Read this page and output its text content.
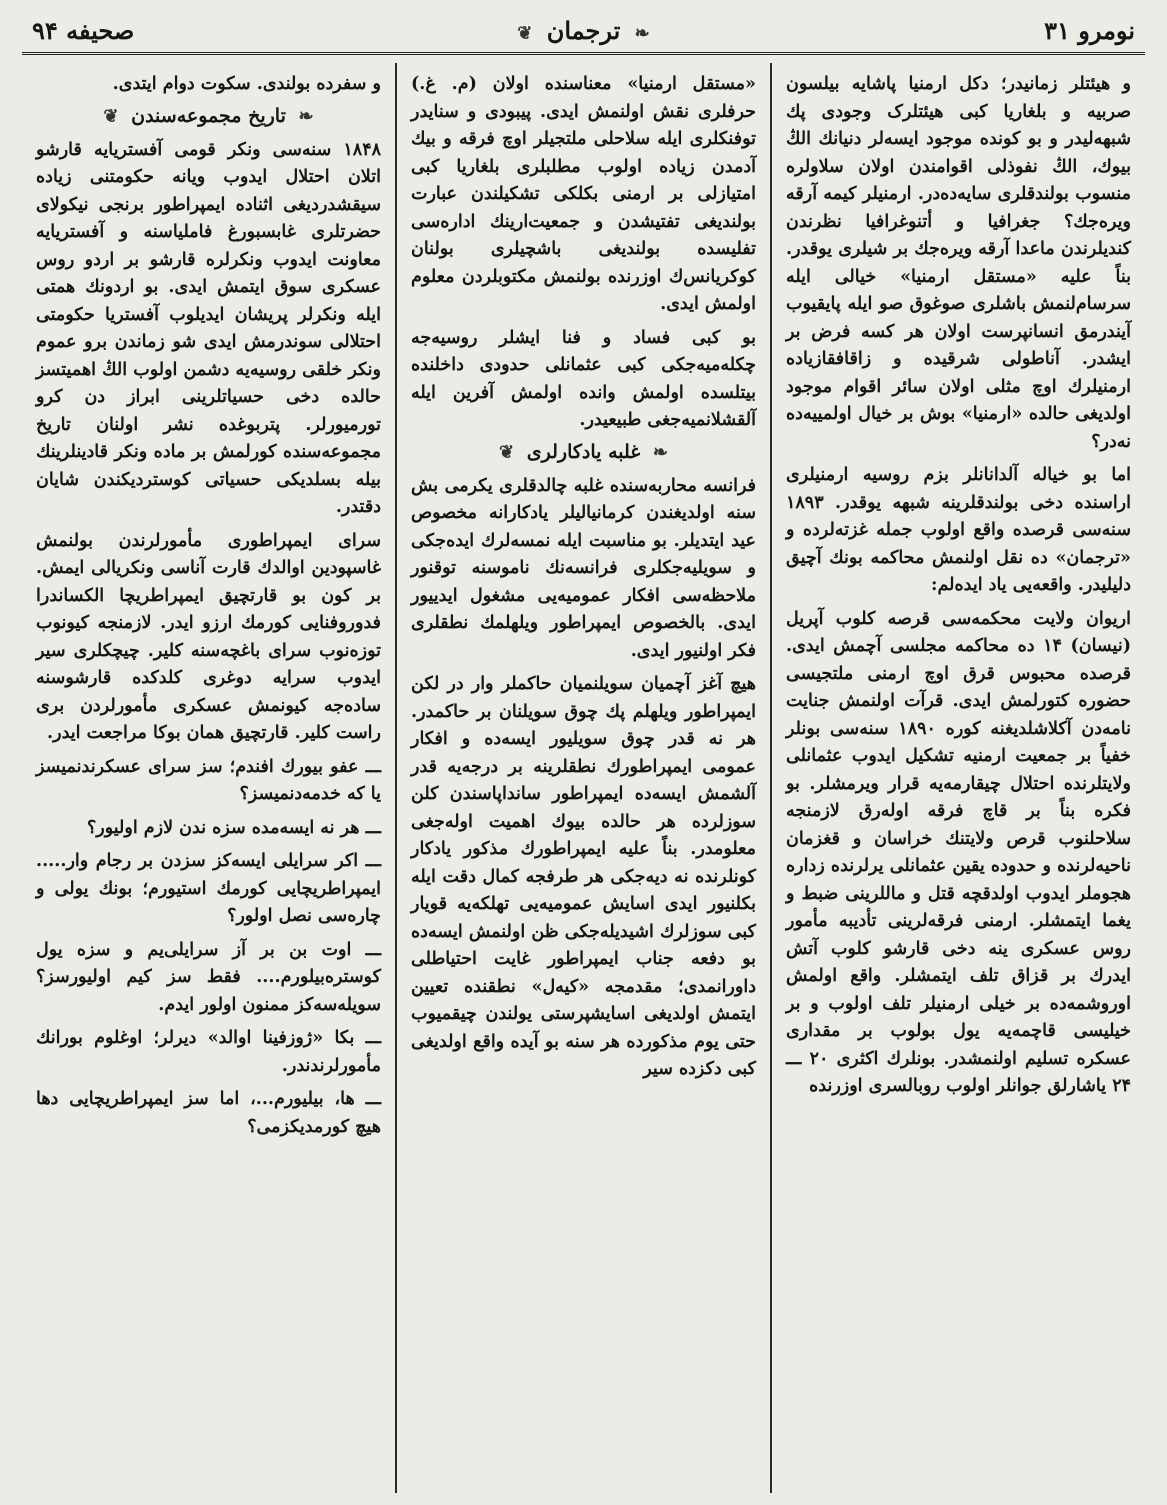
نومرو ۳۱
❧ ترجمان ❦
صحیفه ۹۴

و هیئتلر زمانیدر؛ دکل ارمنیا پاشایه بیلسون صربیه و بلغاریا کبی هیئتلرک وجودی پك شبهه‌لیدر و بو کونده موجود ایسه‌لر دنیانك الڭ بیوك، الڭ نفوذلی اقوامندن اولان سلاولره منسوب بولندقلری سایه‌ده‌در. ارمنیلر کیمه آرقه ویره‌جك؟ جغرافیا و أتنوغرافیا نظرندن کندیلرندن ماعدا آرقه ویرەجك بر شیلری یوقدر. بناً علیه «مستقل ارمنیا» خیالی ایله سرسام‌لنمش باشلری صوغوق صو ایله پایقیوب آیندرمق انسانپرست اولان هر کسه فرض بر ایشدر. آناطولی شرقیده و زاقافقازیاده ارمنیلرك اوچ مثلی اولان سائر اقوام موجود اولدیغی حالده «ارمنیا» بوش بر خیال اولمییه‌ده نه‌در؟

اما بو خیاله آلدانانلر بزم روسیه ارمنیلری اراسنده دخی بولندقلرینه شبهه یوقدر. ۱۸۹۳ سنه‌سی قرصده واقع اولوب جمله غزته‌لرده و «ترجمان» ده نقل اولنمش محاکمه بونك آچیق دلیلیدر. واقعه‌یی یاد ایده‌لم:

اریوان ولایت محکمه‌سی قرصه کلوب آپریل (نیسان) ۱۴ ده محاکمه مجلسی آچمش ایدی. قرصده محبوس قرق اوچ ارمنی ملتجیسی حضوره کتورلمش ایدی. قرآت اولنمش جنایت نامه‌دن آکلاشلدیغنه کوره ۱۸۹۰ سنه‌سی بونلر خفیاً بر جمعیت ارمنیه تشکیل ایدوب عثمانلی ولایتلرنده احتلال چیقارمه‌یه قرار ویرمشلر. بو فکره بناً بر قاچ فرقه اوله‌رق لازمنجه سلاحلنوب قرص ولایتنك خراسان و قغزمان ناحیه‌لرنده و حدوده یقین عثمانلی یرلرنده زداره هجوملر ایدوب اولدقچه قتل و ماللرینی ضبط و یغما ایتمشلر. ارمنی فرقه‌لرینی تأدیبه مأمور روس عسکری ینه دخی قارشو کلوب آتش ایدرك بر قزاق تلف ایتمشلر. واقع اولمش اوروشمه‌ده بر خیلی ارمنیلر تلف اولوب و بر خیلیسی قاچمه‌یه یول بولوب بر مقداری عسکره تسلیم اولنمشدر. بونلرك اکثری ۲۰ ـــ ۲۴ یاشارلق جوانلر اولوب روبالسری اوزرنده

«مستقل ارمنیا» معناسنده اولان (م. غ.) حرفلری نقش اولنمش ایدی. پیبودی و سنایدر توفنکلری ایله سلاحلی ملتجیلر اوچ فرقه و بیك آدمدن زیاده اولوب مطلبلری بلغاریا کبی امتیازلی بر ارمنی بکلکی تشکیلندن عبارت بولندیغی تفتیشدن و جمعیت‌ارینك اداره‌سی تفلیسده بولندیغی باشچیلری بولنان کوکریانس‌ك اوزرنده بولنمش مکتوبلردن معلوم اولمش ایدی.

بو کبی فساد و فنا ایشلر روسیه‌جه چکله‌میه‌جکی کبی عثمانلی حدودی داخلنده بیتلسده اولمش وانده اولمش آفرین ایله آلقشلانمیه‌جغی طبیعیدر.

❧ غلبه یادکارلری ❦

فرانسه محاربه‌سنده غلبه چالدقلری یکرمی بش سنه اولدیغندن کرمانیالیلر یادکارانه مخصوص عید ایتدیلر. بو مناسبت ایله نمسه‌لرك ایده‌جکی و سویلیه‌جکلری فرانسه‌نك ناموسنه توقنور ملاحظه‌سی افکار عمومیه‌یی مشغول ایدییور ایدی. بالخصوص ایمپراطور ویلهلمك نطقلری فکر اولنیور ایدی.

هیچ آغز آچمیان سویلنمیان حاکملر وار در لکن ایمپراطور ویلهلم پك چوق سویلنان بر حاکمدر. هر نه قدر چوق سویلیور ایسه‌ده و افکار عمومی ایمپراطورك نطقلرینه بر درجه‌یه قدر آلشمش ایسه‌ده ایمپراطور سانداپاسندن کلن سوزلرده هر حالده بیوك اهمیت اوله‌جغی معلومدر. بناً علیه ایمپراطورك مذکور یادکار کونلرنده نه دیه‌جکی هر طرفجه کمال دقت ایله بکلنیور ایدی اسایش عمومیه‌یی تهلکه‌یه قویار کبی سوزلرك اشیدیله‌جکی ظن اولنمش ایسه‌ده بو دفعه جناب ایمپراطور غایت احتیاطلی داورانمدی؛ مقدمجه «کیه‌ل» نطقنده تعیین ایتمش اولدیغی اسایشپرستی یولندن چیقمیوب حتی یوم مذکورده هر سنه بو آیده واقع اولدیغی کبی دکزده سیر

و سفرده بولندی. سکوت دوام ایتدی.

❧ تاریخ مجموعه‌سندن ❦

۱۸۴۸ سنه‌سی ونکر قومی آفستریایه قارشو اتلان احتلال ایدوب ویانه حکومتنی زیاده سیقشدردیغی اثناده ایمپراطور برنجی نیکولای حضرتلری غابسبورغ فاملیاسنه و آفستریایه معاونت ایدوب ونکرلره قارشو بر اردو روس عسکری سوق ایتمش ایدی. بو اردونك همتی ایله ونکرلر پریشان ایدیلوب آفستریا حکومتی احتلالی سوندرمش ایدی شو زماندن برو عموم ونکر خلقی روسیه‌یه دشمن اولوب الڭ اهمیتسز حالده دخی حسیاتلرینی ابراز دن کرو تورمیورلر. پتربوغده نشر اولنان تاریخ مجموعه‌سنده کورلمش بر ماده ونکر قادینلرینك بیله بسلدیکی حسیاتی کوستردیکندن شایان دقتدر.

سرای ایمپراطوری مأمورلرندن بولنمش غاسپودین اوالدك قارت آناسی ونکریالی ایمش. بر کون بو قارتچیق ایمپراطریچا الکساندرا فدوروفنایی کورمك ارزو ایدر. لازمنجه کیونوب توزه‌نوب سرای باغچه‌سنه کلیر. چیچکلری سیر ایدوب سرایه دوغری کلدکده قارشوسنه ساده‌جه کیونمش عسکری مأمورلردن بری راست کلیر. قارتچیق همان بوکا مراجعت ایدر.

ـــ عفو بیورك افندم؛ سز سرای عسکرندنمیسز یا که خدمه‌دنمیسز؟

ـــ هر نه ایسه‌مده سزه ندن لازم اولیور؟

ـــ اکر سرایلی ایسه‌کز سزدن بر رجام وار..... ایمپراطریچایی کورمك استیورم؛ بونك یولی و چاره‌سی نصل اولور؟

ـــ اوت بن بر آز سرایلی‌یم و سزه یول کوستره‌بیلورم.... فقط سز کیم اولیورسز؟ سویله‌سه‌کز ممنون اولور ایدم.

ـــ بکا «ژوزفینا اوالد» دیرلر؛ اوغلوم بورانك مأمورلرندندر.

ـــ ها، بیلیورم...، اما سز ایمپراطریچایی دها هیچ کورمدیکزمی؟
